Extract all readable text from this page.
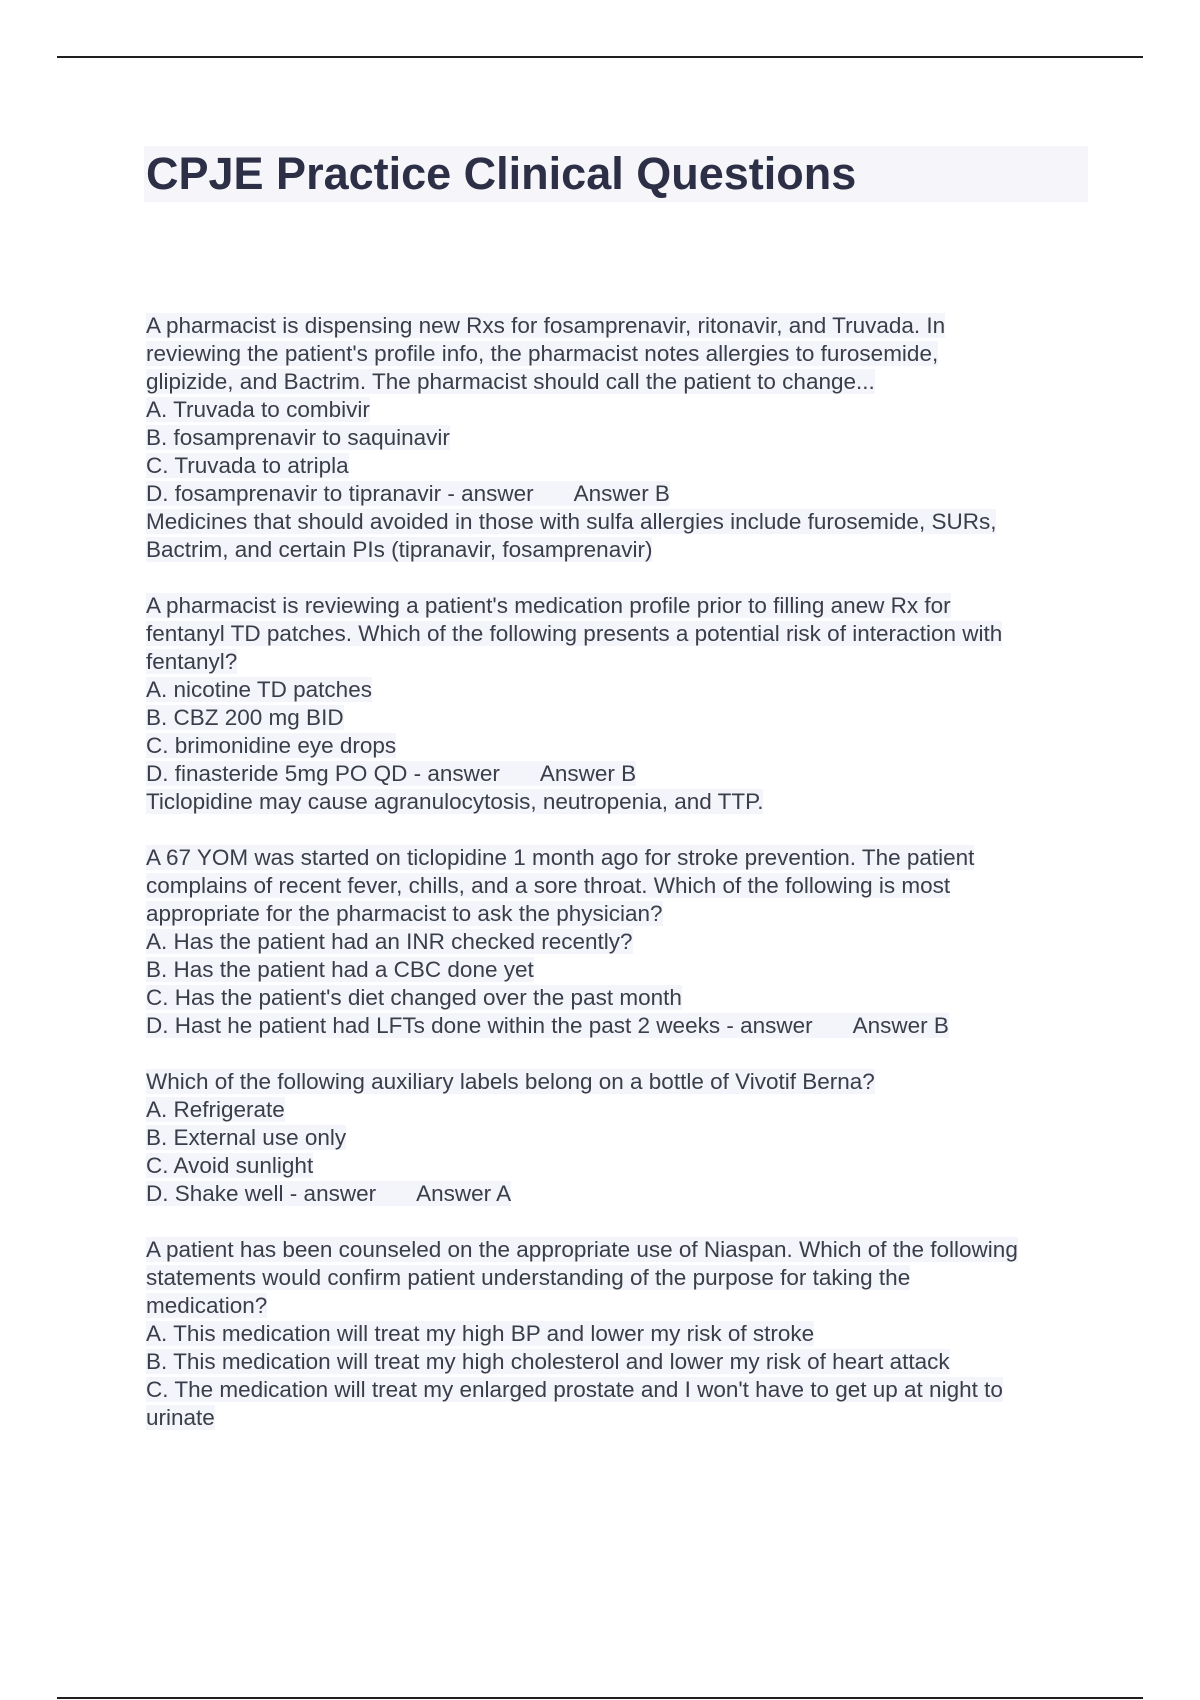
CPJE Practice Clinical Questions
A pharmacist is dispensing new Rxs for fosamprenavir, ritonavir, and Truvada. In
reviewing the patient's profile info, the pharmacist notes allergies to furosemide,
glipizide, and Bactrim. The pharmacist should call the patient to change...
A. Truvada to combivir
B. fosamprenavir to saquinavir
C. Truvada to atripla
D. fosamprenavir to tipranavir - answer Answer B
Medicines that should avoided in those with sulfa allergies include furosemide, SURs,
Bactrim, and certain PIs (tipranavir, fosamprenavir)
A pharmacist is reviewing a patient's medication profile prior to filling anew Rx for
fentanyl TD patches. Which of the following presents a potential risk of interaction with
fentanyl?
A. nicotine TD patches
B. CBZ 200 mg BID
C. brimonidine eye drops
D. finasteride 5mg PO QD - answer Answer B
Ticlopidine may cause agranulocytosis, neutropenia, and TTP.
A 67 YOM was started on ticlopidine 1 month ago for stroke prevention. The patient
complains of recent fever, chills, and a sore throat. Which of the following is most
appropriate for the pharmacist to ask the physician?
A. Has the patient had an INR checked recently?
B. Has the patient had a CBC done yet
C. Has the patient's diet changed over the past month
D. Hast he patient had LFTs done within the past 2 weeks - answer Answer B
Which of the following auxiliary labels belong on a bottle of Vivotif Berna?
A. Refrigerate
B. External use only
C. Avoid sunlight
D. Shake well - answer Answer A
A patient has been counseled on the appropriate use of Niaspan. Which of the following
statements would confirm patient understanding of the purpose for taking the
medication?
A. This medication will treat my high BP and lower my risk of stroke
B. This medication will treat my high cholesterol and lower my risk of heart attack
C. The medication will treat my enlarged prostate and I won't have to get up at night to
urinate
